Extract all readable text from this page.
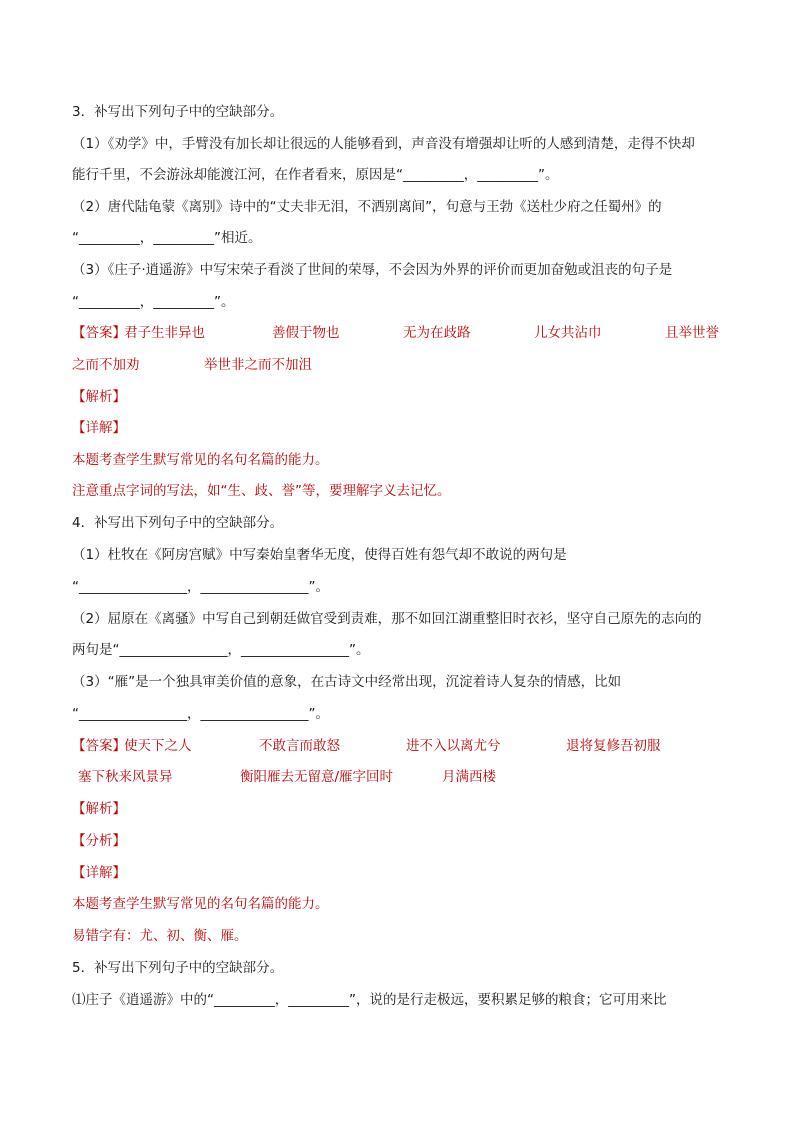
3．补写出下列句子中的空缺部分。
（1）《劝学》中，手臂没有加长却让很远的人能够看到，声音没有增强却让听的人感到清楚，走得不快却
能行千里，不会游泳却能渡江河，在作者看来，原因是“_________，_________”。
（2）唐代陆龟蒙《离别》诗中的“丈夫非无泪，不洒别离间”，句意与王勃《送杜少府之任蜀州》的
“_________，_________”相近。
（3）《庄子·逍遥游》中写宋荣子看淡了世间的荣辱，不会因为外界的评价而更加奋勉或沮丧的句子是
“_________，_________”。
【答案】
君子生非异也	善假于物也	无为在歧路	儿女共沾巾	且举世誉
之而不加劝	举世非之而不加沮
【解析】
【详解】
本题考查学生默写常见的名句名篇的能力。
注意重点字词的写法，如“生、歧、誉”等，要理解字义去记忆。
4．补写出下列句子中的空缺部分。
（1）杜牧在《阿房宫赋》中写秦始皇奢华无度，使得百姓有怨气却不敢说的两句是
“________________，________________”。
（2）屈原在《离骚》中写自己到朝廷做官受到责难，那不如回江湖重整旧时衣衫，坚守自己原先的志向的
两句是“________________，________________”。
（3）“雁”是一个独具审美价值的意象，在古诗文中经常出现，沉淀着诗人复杂的情感，比如
“________________，________________”。
【答案】
使天下之人	不敢言而敢怒	进不入以离尤兮	退将复修吾初服
塞下秋来风景异	衡阳雁去无留意/雁字回时	月满西楼
【解析】
【分析】
【详解】
本题考查学生默写常见的名句名篇的能力。
易错字有：尤、初、衡、雁。
5．补写出下列句子中的空缺部分。
⑴庄子《逍遥游》中的“_________，_________”，说的是行走极远，要积累足够的粮食；它可用来比
